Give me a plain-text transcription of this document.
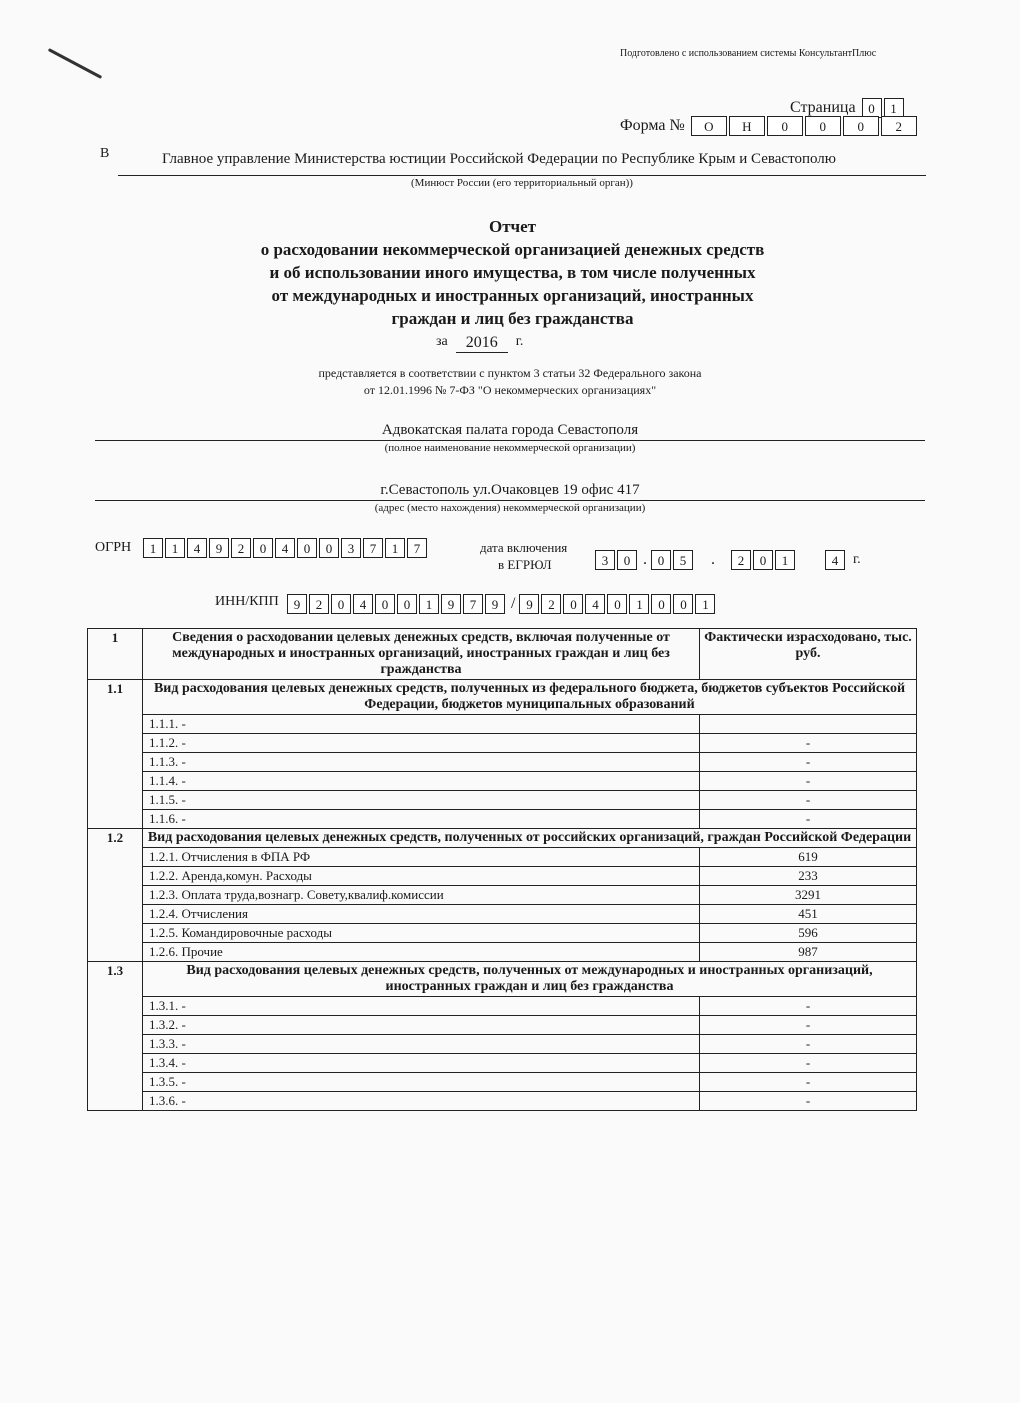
Подготовлено с использованием системы КонсультантПлюс
Страница 0 1
Форма №	О Н 0 0 0 2
В	Главное управление Министерства юстиции Российской Федерации по Республике Крым и Севастополю
(Минюст России (его территориальный орган))
Отчет
о расходовании некоммерческой организацией денежных средств
и об использовании иного имущества, в том числе полученных
от международных и иностранных организаций, иностранных
граждан и лиц без гражданства
за	2016	г.
представляется в соответствии с пунктом 3 статьи 32 Федерального закона
от 12.01.1996 № 7-ФЗ "О некоммерческих организациях"
Адвокатская палата города Севастополя
(полное наименование некоммерческой организации)
г.Севастополь ул.Очаковцев 19 офис 417
(адрес (место нахождения) некоммерческой организации)
ОГРН	1 1 4 9 2 0 4 0 0 3 7 1 7	дата включения
в ЕГРЮЛ	3 0 . 0 5	.	2 0 1	4	г.
ИНН/КПП	9 2 0 4 0 0 1 9 7 9 / 9 2 0 4 0 1 0 0 1
1	Сведения о расходовании целевых денежных средств, включая полученные от международных и иностранных организаций, иностранных граждан и лиц без гражданства	Фактически израсходовано, тыс. руб.
1.1	Вид расходования целевых денежных средств, полученных из федерального бюджета, бюджетов субъектов Российской Федерации, бюджетов муниципальных образований	
	1.1.1. -	
	1.1.2. -	-
	1.1.3. -	-
	1.1.4. -	-
	1.1.5. -	-
	1.1.6. -	-
1.2	Вид расходования целевых денежных средств, полученных от российских организаций, граждан Российской Федерации	
	1.2.1. Отчисления в ФПА РФ	619
	1.2.2. Аренда,комун. Расходы	233
	1.2.3. Оплата труда,вознагр. Совету,квалиф.комиссии	3291
	1.2.4. Отчисления	451
	1.2.5. Командировочные расходы	596
	1.2.6. Прочие	987
1.3	Вид расходования целевых денежных средств, полученных от международных и иностранных организаций, иностранных граждан и лиц без гражданства	
	1.3.1. -	-
	1.3.2. -	-
	1.3.3. -	-
	1.3.4. -	-
	1.3.5. -	-
	1.3.6. -	-
